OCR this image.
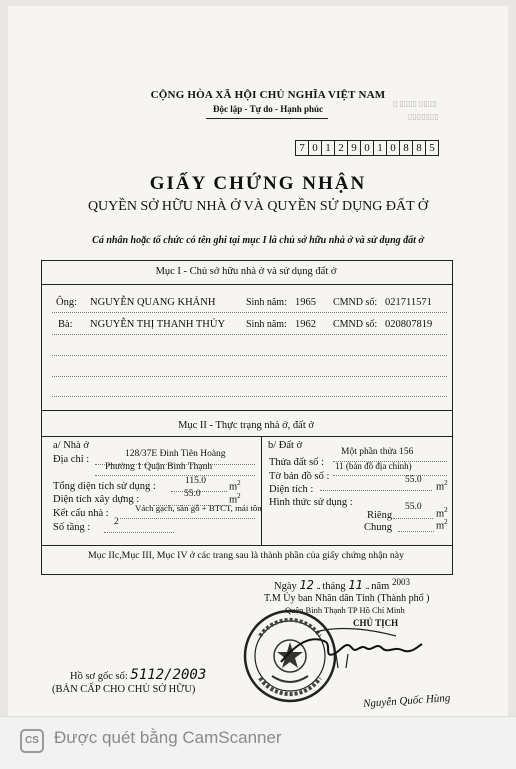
▯ ▯▯▯▯ ▯▯▯▯
▯▯▯▯▯▯▯
CỘNG HÒA XÃ HỘI CHỦ NGHĨA VIỆT NAM
Độc lập - Tự do - Hạnh phúc
7 0 1 2 9 0 1 0 8 8 5
GIẤY CHỨNG NHẬN
QUYỀN SỞ HỮU NHÀ Ở VÀ QUYỀN SỬ DỤNG ĐẤT Ở
Cá nhân hoặc tổ chức có tên ghi tại mục I là chủ sở hữu nhà ở và sử dụng đất ở
Mục I - Chủ sở hữu nhà ở và sử dụng đất ở
Ông: NGUYỄN QUANG KHÁNH	Sinh năm: 1965 CMND số: 021711571
Bà: NGUYỄN THỊ THANH THỦY Sinh năm: 1962 CMND số: 020807819
Mục II - Thực trạng nhà ở, đất ở
a/ Nhà ở
Địa chỉ :	128/37E Đinh Tiên Hoàng
Phường 1 Quận Bình Thạnh
Tổng diện tích sử dụng :	115.0
$m^2$
Diện tích xây dựng :	55.0
$m^2$
Kết cấu nhà :	Vách gạch, sàn gỗ + BTCT, mái tôn
Số tầng : 2
b/ Đất ở
Thửa đất số :
Một phần thửa 156
Tờ bản đồ số :
11 (bản đồ địa chính)
Diện tích :
55.0
$m^2$
Hình thức sử dụng :
Riêng
55.0
$m^2$
Chung	$m^2$
Mục IIc,Mục III, Mục IV ở các trang sau là thành phần của giấy chứng nhận này
Ngày 12 .. tháng 11 .. năm 2003
T.M Ủy ban Nhân dân Tỉnh (Thành phố )
Quận Bình Thạnh TP Hồ Chí Minh
CHỦ TỊCH
Nguyễn Quốc Hùng
Hồ sơ gốc số: 5112/2003
(BẢN CẤP CHO CHỦ SỞ HỮU)
CS Được quét bằng CamScanner
